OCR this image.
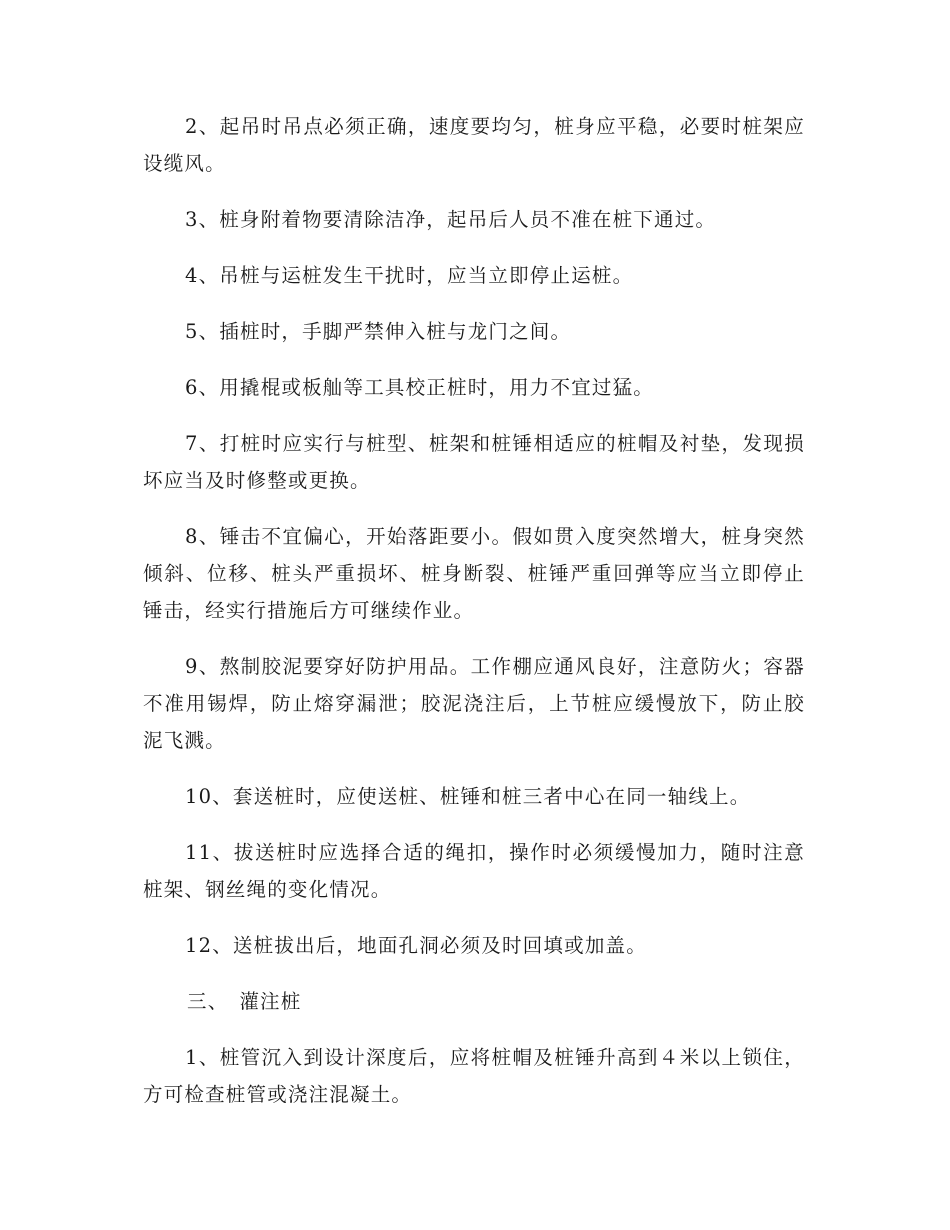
2、起吊时吊点必须正确，速度要均匀，桩身应平稳，必要时桩架应设缆风。

3、桩身附着物要清除洁净，起吊后人员不准在桩下通过。

4、吊桩与运桩发生干扰时，应当立即停止运桩。

5、插桩时，手脚严禁伸入桩与龙门之间。

6、用撬棍或板舢等工具校正桩时，用力不宜过猛。

7、打桩时应实行与桩型、桩架和桩锤相适应的桩帽及衬垫，发现损坏应当及时修整或更换。

8、锤击不宜偏心，开始落距要小。假如贯入度突然增大，桩身突然倾斜、位移、桩头严重损坏、桩身断裂、桩锤严重回弹等应当立即停止锤击，经实行措施后方可继续作业。

9、熬制胶泥要穿好防护用品。工作棚应通风良好，注意防火；容器不准用锡焊，防止熔穿漏泄；胶泥浇注后，上节桩应缓慢放下，防止胶泥飞溅。

10、套送桩时，应使送桩、桩锤和桩三者中心在同一轴线上。

11、拔送桩时应选择合适的绳扣，操作时必须缓慢加力，随时注意桩架、钢丝绳的变化情况。

12、送桩拔出后，地面孔洞必须及时回填或加盖。

三、　灌注桩

1、桩管沉入到设计深度后，应将桩帽及桩锤升高到４米以上锁住，方可检查桩管或浇注混凝土。
